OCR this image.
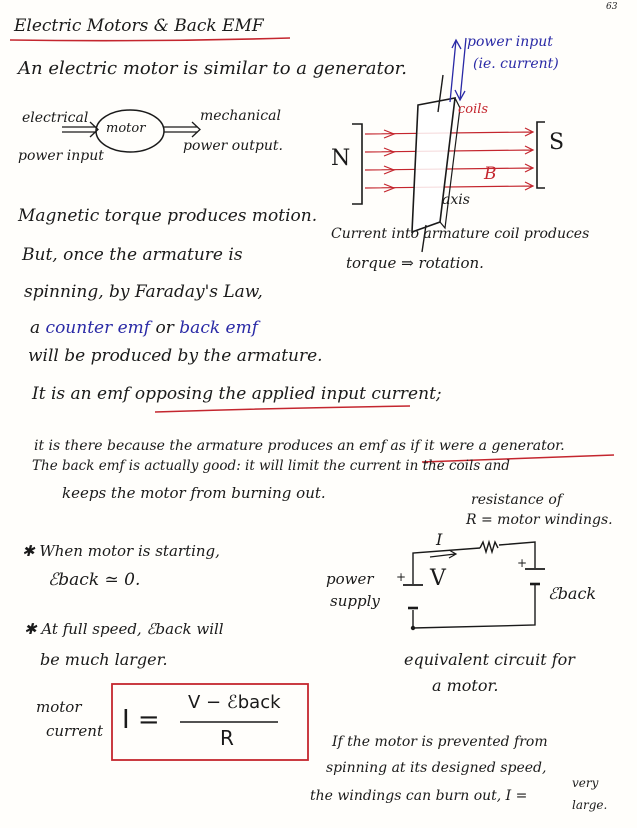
63
Electric Motors & Back EMF
An electric motor is similar to a generator.
electrical
power input
motor
mechanical
power output.
power input
(ie. current)
N
S
coils
B
axis
Current into armature coil produces
torque ⇒ rotation.
Magnetic torque produces motion.
But, once the armature is
spinning, by Faraday's Law,
a counter emf or back emf
will be produced by the armature.
It is an emf opposing the applied input current;
it is there because the armature produces an emf as if it were a generator.
The back emf is actually good: it will limit the current in the coils and
keeps the motor from burning out.
✱ When motor is starting,
ℰback ≃ 0.
✱ At full speed, ℰback will
be much larger.
resistance of
R = motor windings.
I
power
supply
+ V
+
ℰback
equivalent circuit for
a motor.
motor
current I =
V − ℰback
R	If the motor is prevented from
spinning at its designed speed,
the windings can burn out, I =
very
large.
